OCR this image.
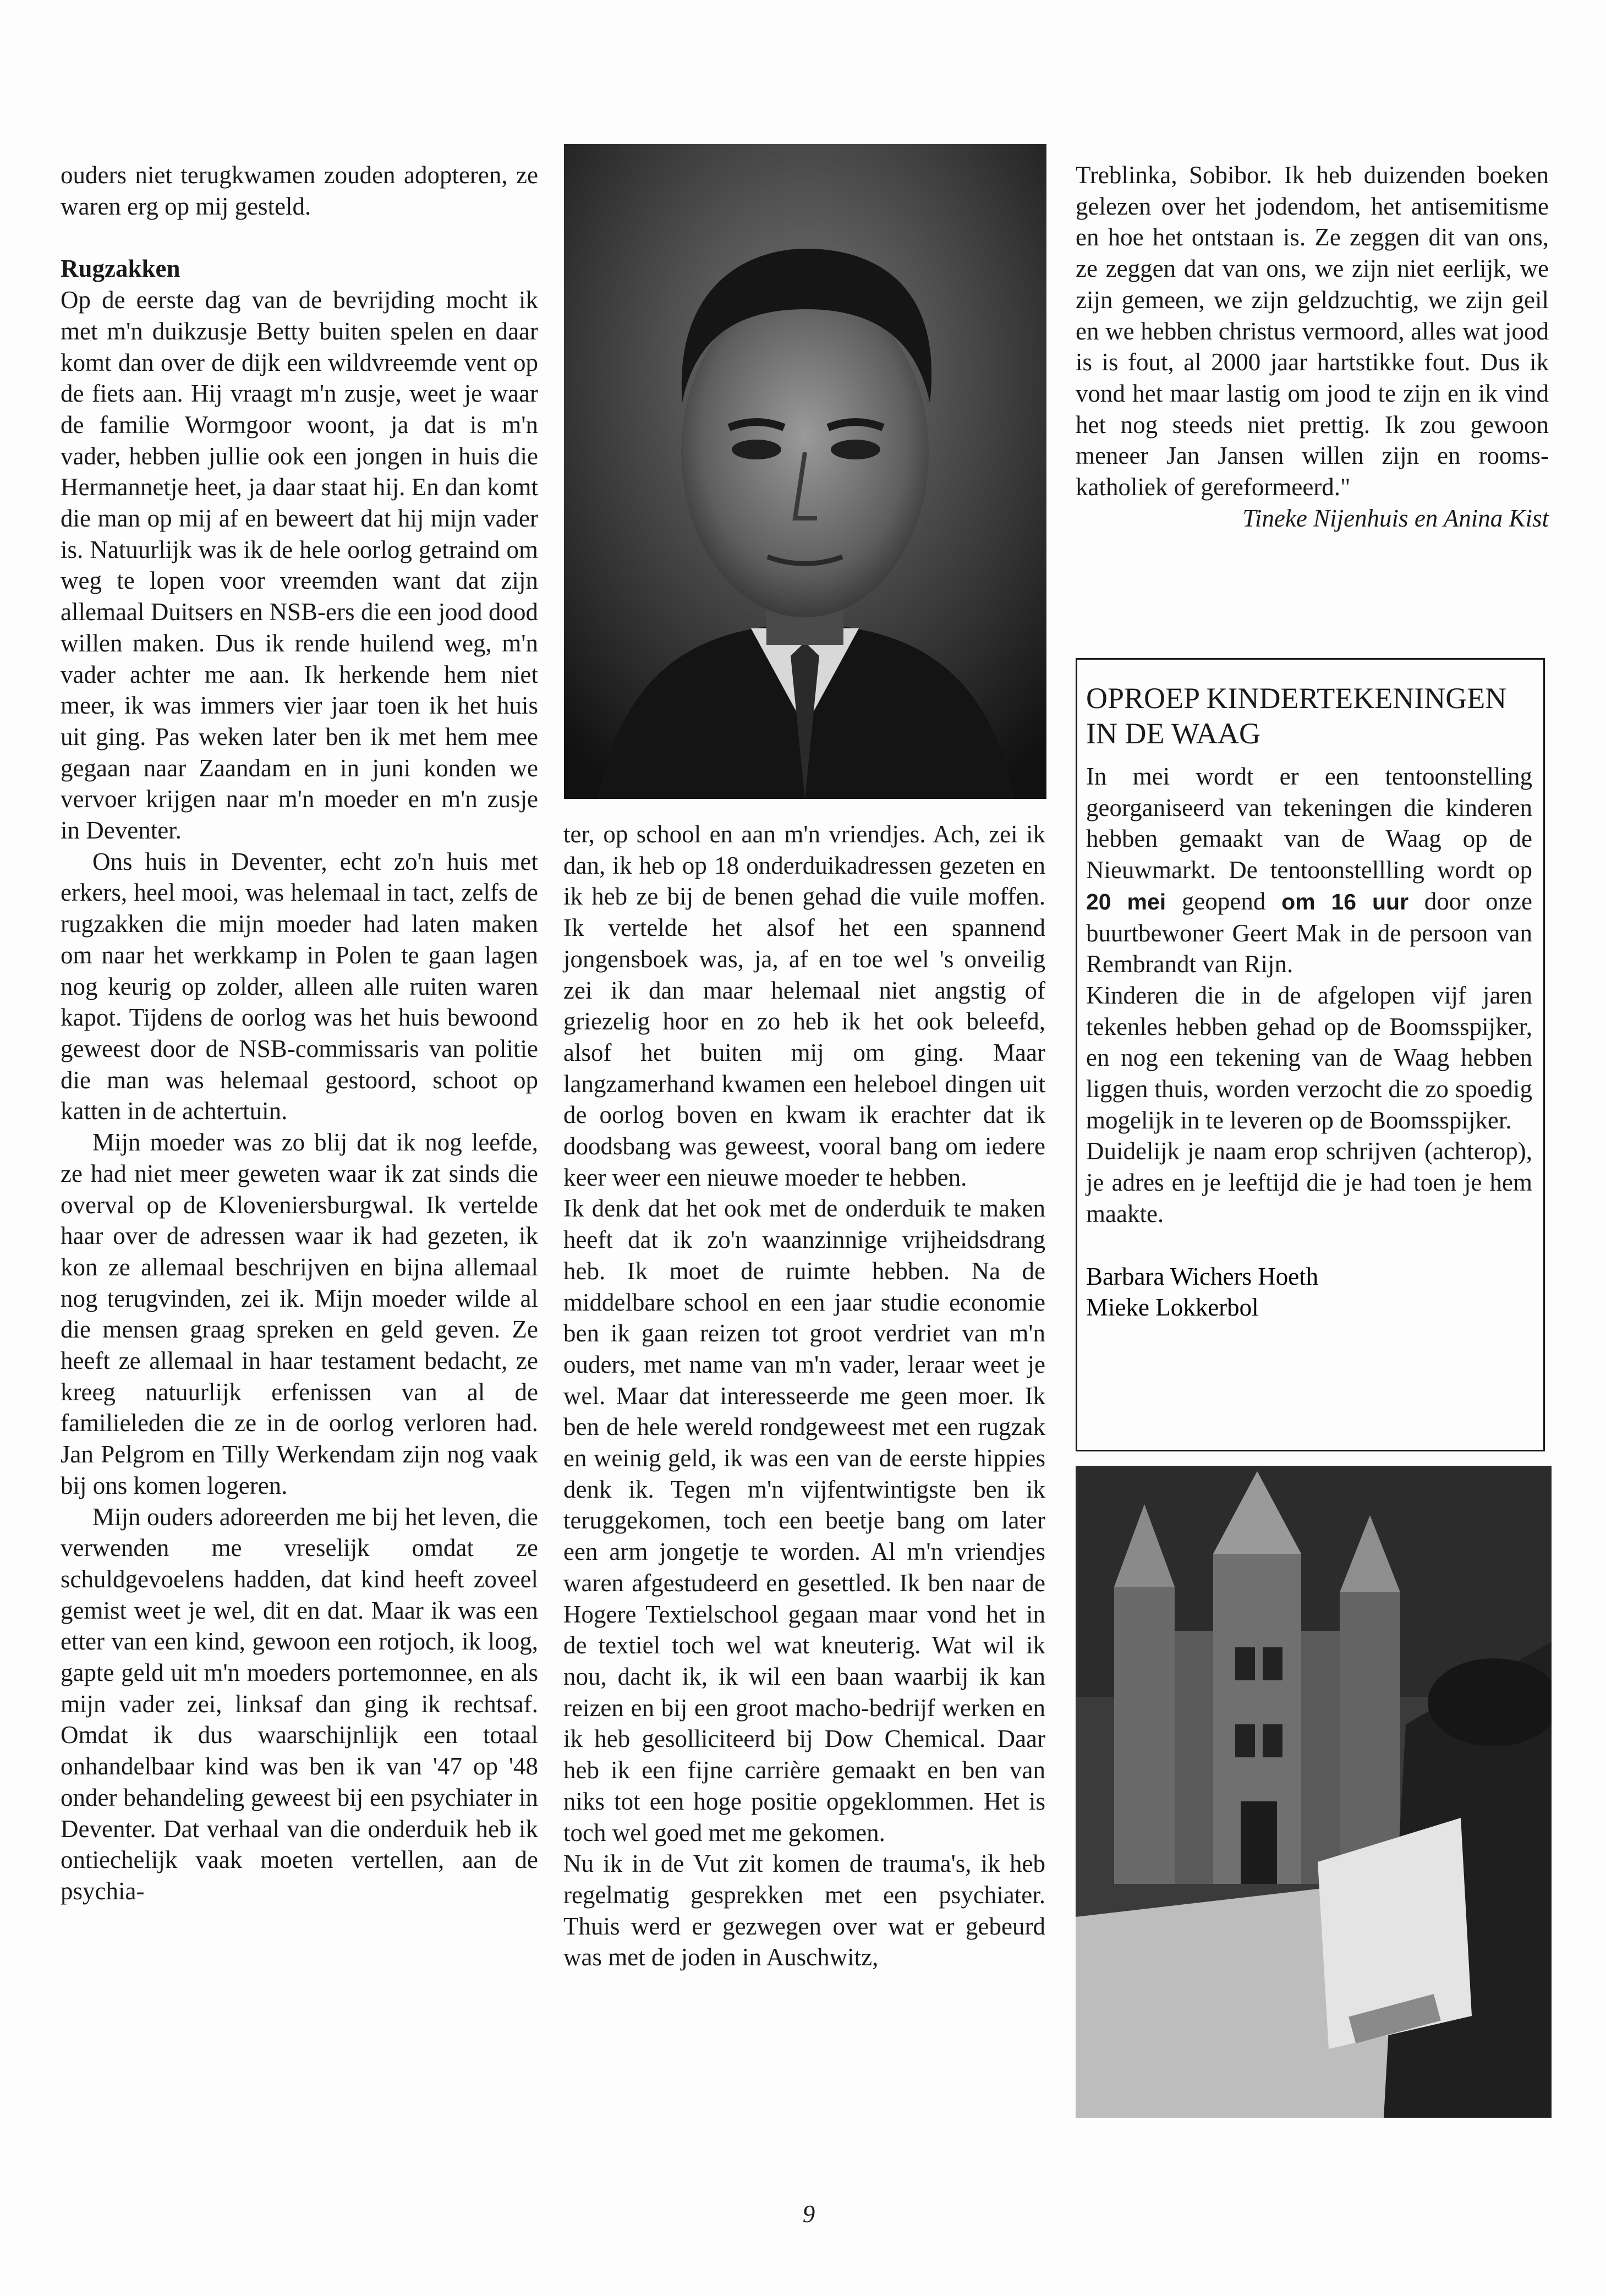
ouders niet terugkwamen zouden adopteren, ze waren erg op mij gesteld.

Rugzakken

Op de eerste dag van de bevrijding mocht ik met m'n duikzusje Betty buiten spelen en daar komt dan over de dijk een wildvreemde vent op de fiets aan. Hij vraagt m'n zusje, weet je waar de familie Wormgoor woont, ja dat is m'n vader, hebben jullie ook een jongen in huis die Hermannetje heet, ja daar staat hij. En dan komt die man op mij af en beweert dat hij mijn vader is. Natuurlijk was ik de hele oorlog getraind om weg te lopen voor vreemden want dat zijn allemaal Duitsers en NSB-ers die een jood dood willen maken. Dus ik rende huilend weg, m'n vader achter me aan. Ik herkende hem niet meer, ik was immers vier jaar toen ik het huis uit ging. Pas weken later ben ik met hem mee gegaan naar Zaandam en in juni konden we vervoer krijgen naar m'n moeder en m'n zusje in Deventer.

Ons huis in Deventer, echt zo'n huis met erkers, heel mooi, was helemaal in tact, zelfs de rugzakken die mijn moeder had laten maken om naar het werkkamp in Polen te gaan lagen nog keurig op zolder, alleen alle ruiten waren kapot. Tijdens de oorlog was het huis bewoond geweest door de NSB-commissaris van politie die man was helemaal gestoord, schoot op katten in de achtertuin.

Mijn moeder was zo blij dat ik nog leefde, ze had niet meer geweten waar ik zat sinds die overval op de Kloveniersburgwal. Ik vertelde haar over de adressen waar ik had gezeten, ik kon ze allemaal beschrijven en bijna allemaal nog terugvinden, zei ik. Mijn moeder wilde al die mensen graag spreken en geld geven. Ze heeft ze allemaal in haar testament bedacht, ze kreeg natuurlijk erfenissen van al de familieleden die ze in de oorlog verloren had. Jan Pelgrom en Tilly Werkendam zijn nog vaak bij ons komen logeren.

Mijn ouders adoreerden me bij het leven, die verwenden me vreselijk omdat ze schuldgevoelens hadden, dat kind heeft zoveel gemist weet je wel, dit en dat. Maar ik was een etter van een kind, gewoon een rotjoch, ik loog, gapte geld uit m'n moeders portemonnee, en als mijn vader zei, linksaf dan ging ik rechtsaf. Omdat ik dus waarschijnlijk een totaal onhandelbaar kind was ben ik van '47 op '48 onder behandeling geweest bij een psychiater in Deventer. Dat verhaal van die onderduik heb ik ontiechelijk vaak moeten vertellen, aan de psychia-

ter, op school en aan m'n vriendjes. Ach, zei ik dan, ik heb op 18 onderduikadressen gezeten en ik heb ze bij de benen gehad die vuile moffen. Ik vertelde het alsof het een spannend jongensboek was, ja, af en toe wel 's onveilig zei ik dan maar helemaal niet angstig of griezelig hoor en zo heb ik het ook beleefd, alsof het buiten mij om ging. Maar langzamerhand kwamen een heleboel dingen uit de oorlog boven en kwam ik erachter dat ik doodsbang was geweest, vooral bang om iedere keer weer een nieuwe moeder te hebben.

Ik denk dat het ook met de onderduik te maken heeft dat ik zo'n waanzinnige vrijheidsdrang heb. Ik moet de ruimte hebben. Na de middelbare school en een jaar studie economie ben ik gaan reizen tot groot verdriet van m'n ouders, met name van m'n vader, leraar weet je wel. Maar dat interesseerde me geen moer. Ik ben de hele wereld rondgeweest met een rugzak en weinig geld, ik was een van de eerste hippies denk ik. Tegen m'n vijfentwintigste ben ik teruggekomen, toch een beetje bang om later een arm jongetje te worden. Al m'n vriendjes waren afgestudeerd en gesettled. Ik ben naar de Hogere Textielschool gegaan maar vond het in de textiel toch wel wat kneuterig. Wat wil ik nou, dacht ik, ik wil een baan waarbij ik kan reizen en bij een groot macho-bedrijf werken en ik heb gesolliciteerd bij Dow Chemical. Daar heb ik een fijne carrière gemaakt en ben van niks tot een hoge positie opgeklommen. Het is toch wel goed met me gekomen.

Nu ik in de Vut zit komen de trauma's, ik heb regelmatig gesprekken met een psychiater. Thuis werd er gezwegen over wat er gebeurd was met de joden in Auschwitz,

Treblinka, Sobibor. Ik heb duizenden boeken gelezen over het jodendom, het antisemitisme en hoe het ontstaan is. Ze zeggen dit van ons, ze zeggen dat van ons, we zijn niet eerlijk, we zijn gemeen, we zijn geldzuchtig, we zijn geil en we hebben christus vermoord, alles wat jood is is fout, al 2000 jaar hartstikke fout. Dus ik vond het maar lastig om jood te zijn en ik vind het nog steeds niet prettig. Ik zou gewoon meneer Jan Jansen willen zijn en rooms-katholiek of gereformeerd."

Tineke Nijenhuis en Anina Kist

OPROEP KINDERTEKENINGEN IN DE WAAG

In mei wordt er een tentoonstelling georganiseerd van tekeningen die kinderen hebben gemaakt van de Waag op de Nieuwmarkt. De tentoonstellling wordt op 20 mei geopend om 16 uur door onze buurtbewoner Geert Mak in de persoon van Rembrandt van Rijn.

Kinderen die in de afgelopen vijf jaren tekenles hebben gehad op de Boomsspijker, en nog een tekening van de Waag hebben liggen thuis, worden verzocht die zo spoedig mogelijk in te leveren op de Boomsspijker.

Duidelijk je naam erop schrijven (achterop), je adres en je leeftijd die je had toen je hem maakte.

Barbara Wichers Hoeth
Mieke Lokkerbol
9
